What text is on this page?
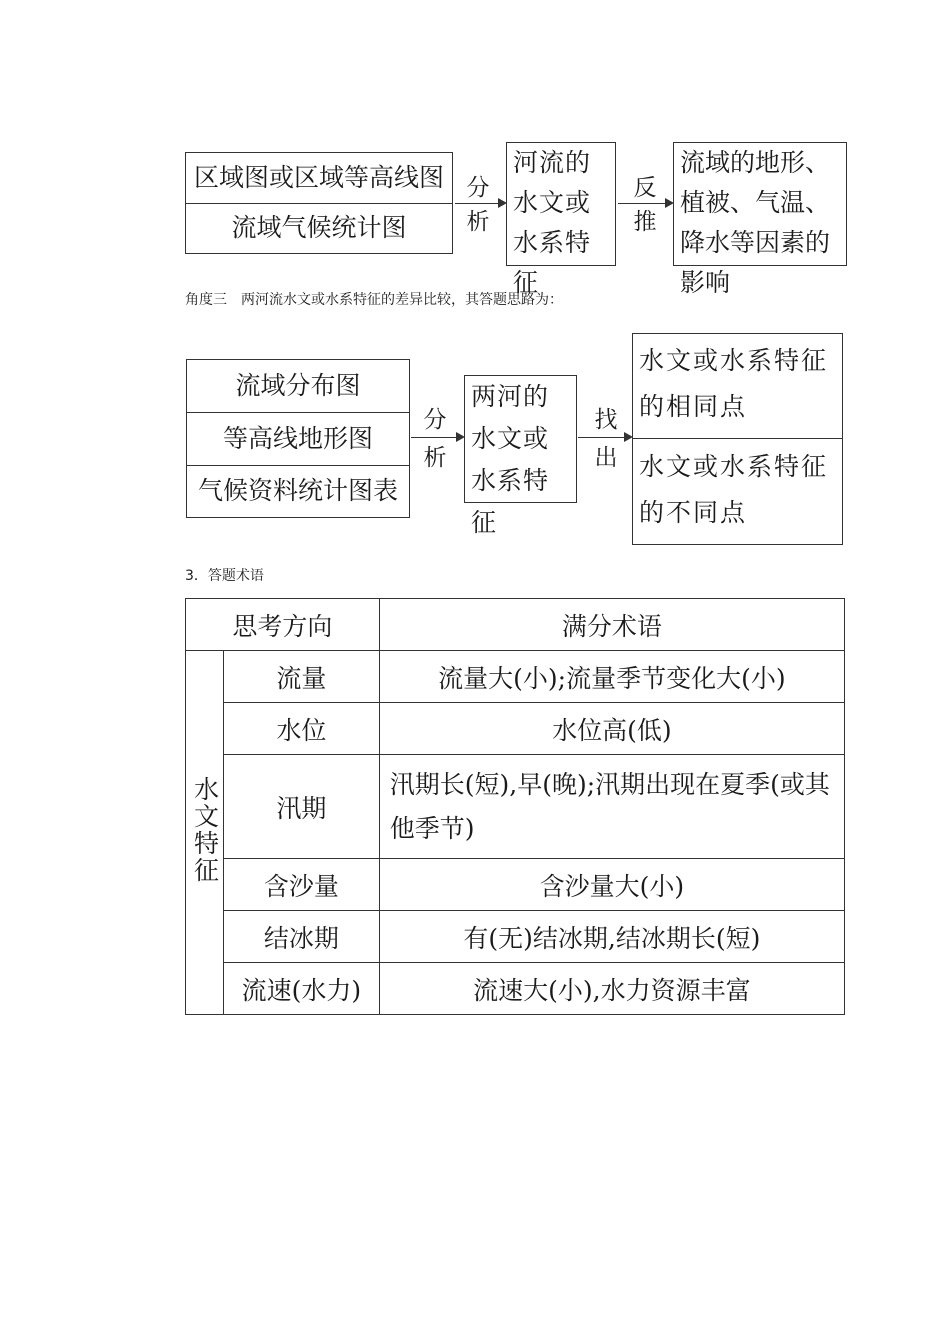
区域图或区域等高线图
流域气候统计图
分
析
河流的水文或水系特征
反
推
流域的地形、植被、气温、降水等因素的影响
角度三　两河流水文或水系特征的差异比较，其答题思路为：
流域分布图
等高线地形图
气候资料统计图表
分
析
两河的水文或水系特征
找
出
水文或水系特征的相同点
水文或水系特征的不同点
3．答题术语
思考方向		满分术语
水文特征	流量	流量大(小);流量季节变化大(小)
	水位	水位高(低)
	汛期	汛期长(短),早(晚);汛期出现在夏季(或其他季节)
	含沙量	含沙量大(小)
	结冰期	有(无)结冰期,结冰期长(短)
	流速(水力)	流速大(小),水力资源丰富
